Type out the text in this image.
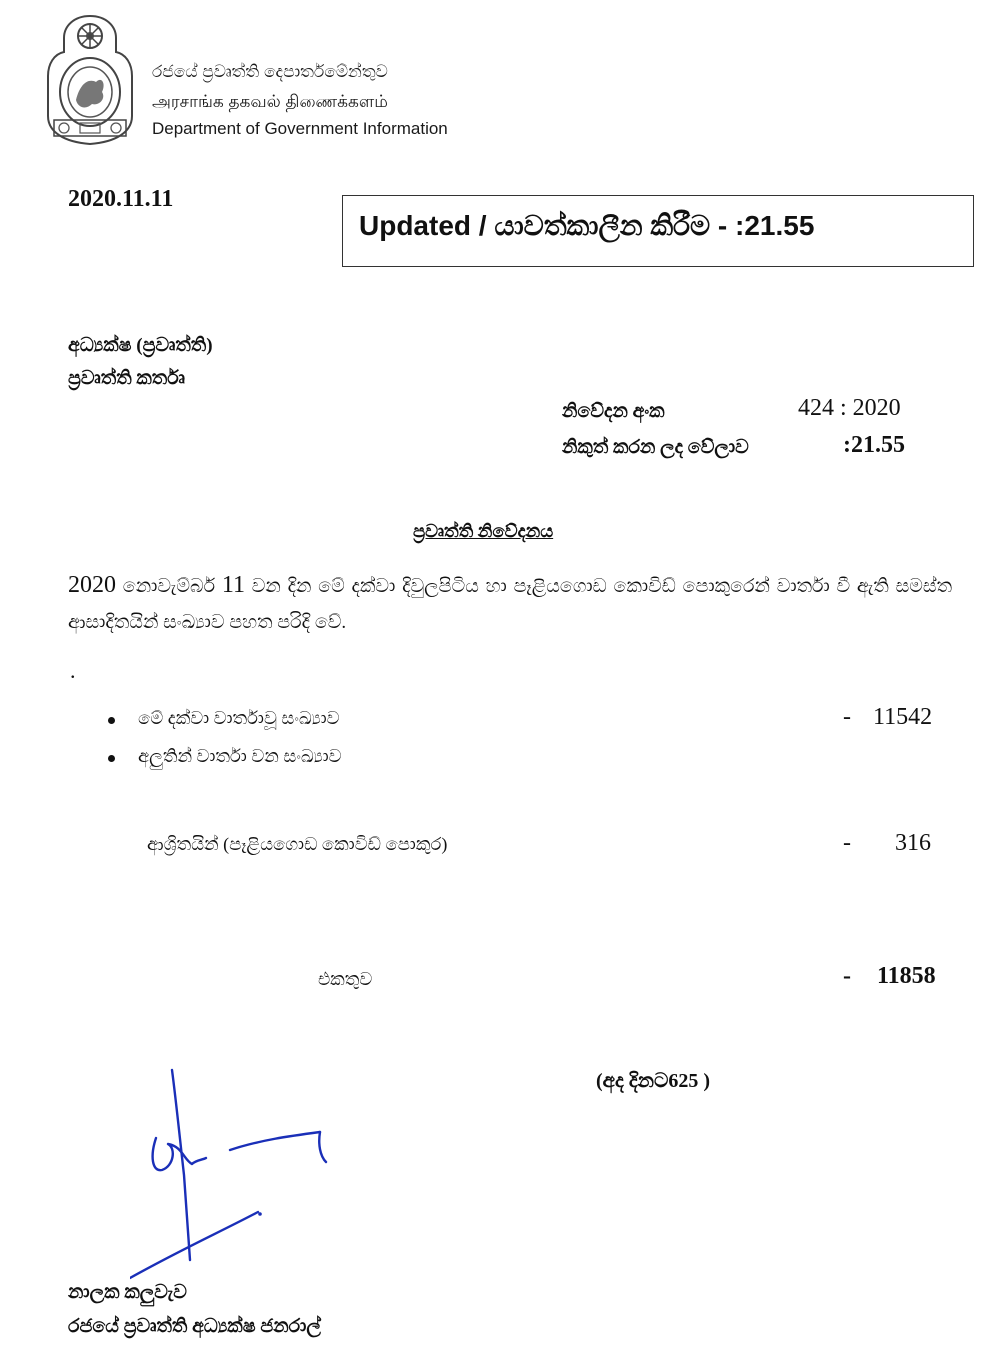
රජයේ ප්‍රවෘත්ති දෙපාර්තමේන්තුව
அரசாங்க தகவல் திணைக்களம்
Department of Government Information
2020.11.11
Updated / යාවත්කාලීන කිරීම - :21.55
අධ්‍යක්ෂ (ප්‍රවෘත්ති)
ප්‍රවෘත්ති කර්තෘ
නිවේදන අංක	424 : 2020
නිකුත් කරන ලද වේලාව	:21.55
ප්‍රවෘත්ති නිවේදනය
2020 නොවැම්බර් 11 වන දින මේ දක්වා දිවුලපිටිය හා පෑළියගොඩ කොවිඩ් පොකුරෙන් වාර්තා වී ඇති සමස්ත ආසාදිතයින් සංඛ්‍යාව පහත පරිදි වේ.
.
මේ දක්වා වාර්තාවූ සංඛ්‍යාව	- 11542
අලුතින් වාර්තා වන සංඛ්‍යාව
ආශ්‍රිතයින් (පෑළියගොඩ කොවිඩ් පොකුර)	- 316
එකතුව	- 11858
(අද දිනට625 )
නාලක කලුවැව
රජයේ ප්‍රවෘත්ති අධ්‍යක්ෂ ජනරාල්
